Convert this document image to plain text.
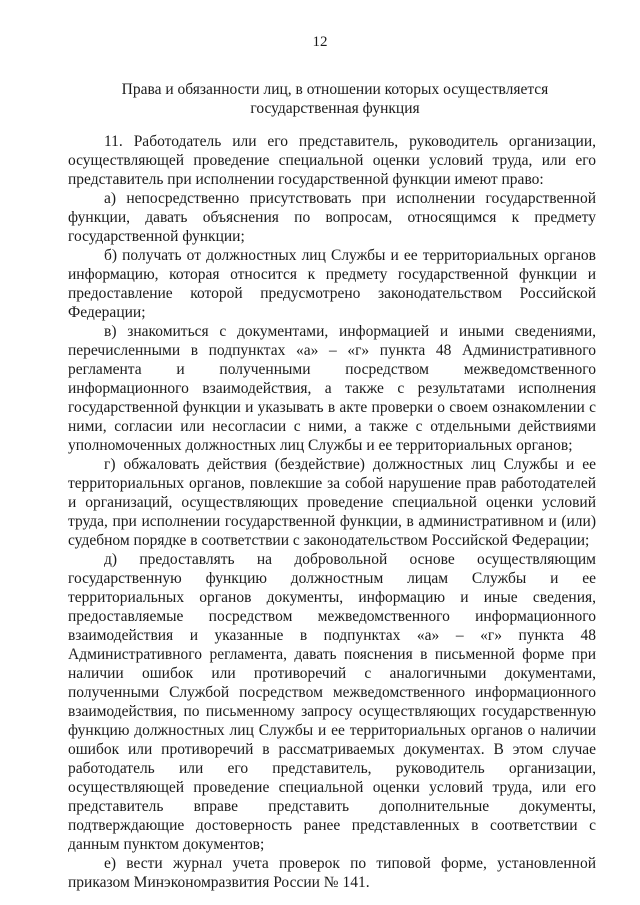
12
Права и обязанности лиц, в отношении которых осуществляется
государственная функция

11. Работодатель или его представитель, руководитель организации, осуществляющей проведение специальной оценки условий труда, или его представитель при исполнении государственной функции имеют право:

а) непосредственно присутствовать при исполнении государственной функции, давать объяснения по вопросам, относящимся к предмету государственной функции;

б) получать от должностных лиц Службы и ее территориальных органов информацию, которая относится к предмету государственной функции и предоставление которой предусмотрено законодательством Российской Федерации;

в) знакомиться с документами, информацией и иными сведениями, перечисленными в подпунктах «а» – «г» пункта 48 Административного регламента и полученными посредством межведомственного информационного взаимодействия, а также с результатами исполнения государственной функции и указывать в акте проверки о своем ознакомлении с ними, согласии или несогласии с ними, а также с отдельными действиями уполномоченных должностных лиц Службы и ее территориальных органов;

г) обжаловать действия (бездействие) должностных лиц Службы и ее территориальных органов, повлекшие за собой нарушение прав работодателей и организаций, осуществляющих проведение специальной оценки условий труда, при исполнении государственной функции, в административном и (или) судебном порядке в соответствии с законодательством Российской Федерации;

д) предоставлять на добровольной основе осуществляющим государственную функцию должностным лицам Службы и ее территориальных органов документы, информацию и иные сведения, предоставляемые посредством межведомственного информационного взаимодействия и указанные в подпунктах «а» – «г» пункта 48 Административного регламента, давать пояснения в письменной форме при наличии ошибок или противоречий с аналогичными документами, полученными Службой посредством межведомственного информационного взаимодействия, по письменному запросу осуществляющих государственную функцию должностных лиц Службы и ее территориальных органов о наличии ошибок или противоречий в рассматриваемых документах. В этом случае работодатель или его представитель, руководитель организации, осуществляющей проведение специальной оценки условий труда, или его представитель вправе представить дополнительные документы, подтверждающие достоверность ранее представленных в соответствии с данным пунктом документов;

е) вести журнал учета проверок по типовой форме, установленной приказом Минэкономразвития России № 141.
